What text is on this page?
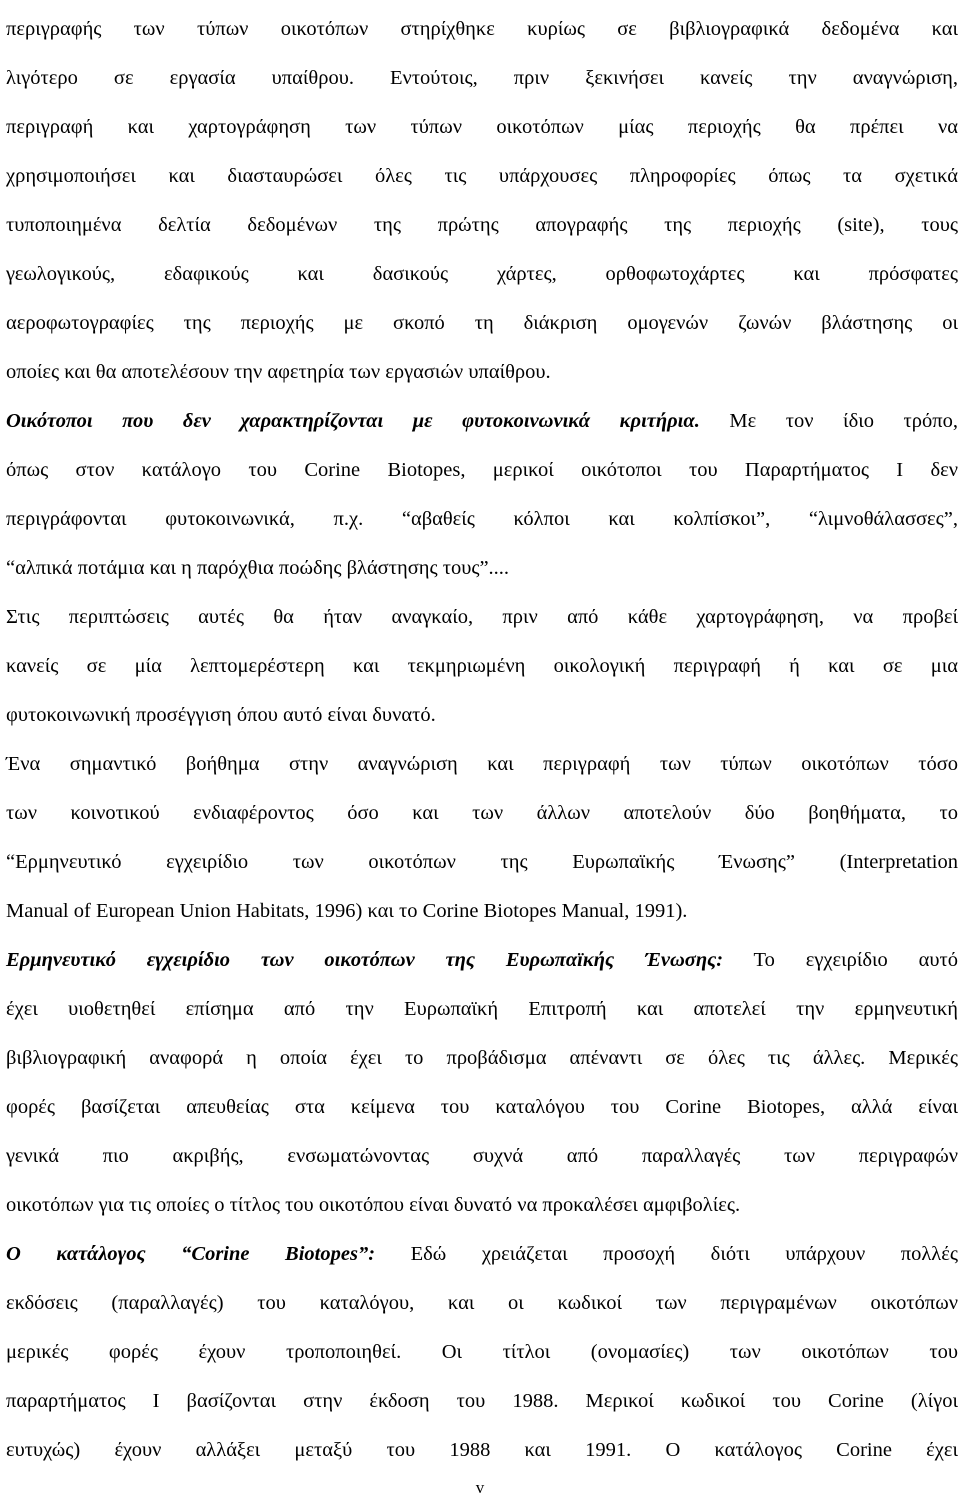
περιγραφής των τύπων οικοτόπων στηρίχθηκε κυρίως σε βιβλιογραφικά δεδομένα και
λιγότερο σε εργασία υπαίθρου. Εντούτοις, πριν ξεκινήσει κανείς την αναγνώριση,
περιγραφή και χαρτογράφηση των τύπων οικοτόπων μίας περιοχής θα πρέπει να
χρησιμοποιήσει και διασταυρώσει όλες τις υπάρχουσες πληροφορίες όπως τα σχετικά
τυποποιημένα δελτία δεδομένων της πρώτης απογραφής της περιοχής (site), τους
γεωλογικούς, εδαφικούς και δασικούς χάρτες, ορθοφωτοχάρτες και πρόσφατες
αεροφωτογραφίες της περιοχής με σκοπό τη διάκριση ομογενών ζωνών βλάστησης οι
οποίες και θα αποτελέσουν την αφετηρία των εργασιών υπαίθρου.
Οικότοποι που δεν χαρακτηρίζονται με φυτοκοινωνικά κριτήρια. Με τον ίδιο τρόπο,
όπως στον κατάλογο του Corine Biotopes, μερικοί οικότοποι του Παραρτήματος Ι δεν
περιγράφονται φυτοκοινωνικά, π.χ. “αβαθείς κόλποι και κολπίσκοι”, “λιμνοθάλασσες”,
“αλπικά ποτάμια και η παρόχθια ποώδης βλάστησης τους”....
Στις περιπτώσεις αυτές θα ήταν αναγκαίο, πριν από κάθε χαρτογράφηση, να προβεί
κανείς σε μία λεπτομερέστερη και τεκμηριωμένη οικολογική περιγραφή ή και σε μια
φυτοκοινωνική προσέγγιση όπου αυτό είναι δυνατό.
Ένα σημαντικό βοήθημα στην αναγνώριση και περιγραφή των τύπων οικοτόπων τόσο
των κοινοτικού ενδιαφέροντος όσο και των άλλων αποτελούν δύο βοηθήματα, το
“Ερμηνευτικό εγχειρίδιο των οικοτόπων της Ευρωπαϊκής Ένωσης” (Interpretation
Manual of European Union Habitats, 1996) και το Corine Biotopes Manual, 1991).
Ερμηνευτικό εγχειρίδιο των οικοτόπων της Ευρωπαϊκής Ένωσης: Το εγχειρίδιο αυτό
έχει υιοθετηθεί επίσημα από την Ευρωπαϊκή Επιτροπή και αποτελεί την ερμηνευτική
βιβλιογραφική αναφορά η οποία έχει το προβάδισμα απέναντι σε όλες τις άλλες. Μερικές
φορές βασίζεται απευθείας στα κείμενα του καταλόγου του Corine Biotopes, αλλά είναι
γενικά πιο ακριβής, ενσωματώνοντας συχνά από παραλλαγές των περιγραφών
οικοτόπων για τις οποίες ο τίτλος του οικοτόπου είναι δυνατό να προκαλέσει αμφιβολίες.
Ο κατάλογος “Corine Biotopes”: Εδώ χρειάζεται προσοχή διότι υπάρχουν πολλές
εκδόσεις (παραλλαγές) του καταλόγου, και οι κωδικοί των περιγραμένων οικοτόπων
μερικές φορές έχουν τροποποιηθεί. Οι τίτλοι (ονομασίες) των οικοτόπων του
παραρτήματος Ι βασίζονται στην έκδοση του 1988. Μερικοί κωδικοί του Corine (λίγοι
ευτυχώς) έχουν αλλάξει μεταξύ του 1988 και 1991. Ο κατάλογος Corine έχει
v
